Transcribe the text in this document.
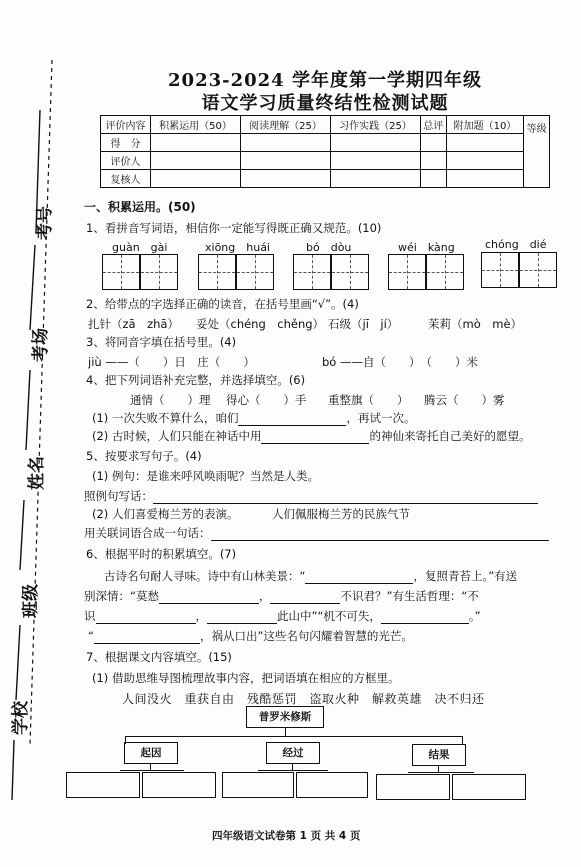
考号
考场
姓名
班级
学校
2023-2024 学年度第一学期四年级
语文学习质量终结性检测试题
评价内容	积累运用（50）	阅读理解（25）	习作实践（25）	总评	附加题（10）	等级
得　分						
评价人						
复核人						
一、积累运用。(50)
1、看拼音写词语，相信你一定能写得既正确又规范。(10)
guàn　gài	xiōng　huái	bó　dòu	wéi　kàng	chóng　dié
2、给带点的字选择正确的读音，在括号里画“√”。(4)
扎针（zā　zhā） 妥处（chéng　chěng） 石级（jī　jí）	茉莉（mò　mè）
3、将同音字填在括号里。(4)
jiù ——（　　）日　庄（　　）	bó ——自（　　）　（　　）米
4、把下列词语补充完整，并选择填空。(6)
通情（　　）理 得心（　　）手 重整旗（　　） 腾云（　　）雾
(1) 一次失败不算什么，咱们	，再试一次。
(2) 古时候，人们只能在神话中用	的神仙来寄托自己美好的愿望。
5、按要求写句子。(4)
(1) 例句：是谁来呼风唤雨呢？当然是人类。
照例句写话：
(2) 人们喜爱梅兰芳的表演。	人们佩服梅兰芳的民族气节
用关联词语合成一句话：
6、根据平时的积累填空。(7)
古诗名句耐人寻味。诗中有山林美景：“	，复照青苔上。”有送
别深情：“莫愁	，	不识君？”有生活哲理：“不
识	，	此山中”“机不可失，	。”
“	，祸从口出”这些名句闪耀着智慧的光芒。
7、根据课文内容填空。(15)
(1) 借助思维导图梳理故事内容，把词语填在相应的方框里。
人间没火　重获自由　残酷惩罚　盗取火种　解救英雄　决不归还
普罗米修斯
起因	经过	结果
四年级语文试卷第 1 页 共 4 页
